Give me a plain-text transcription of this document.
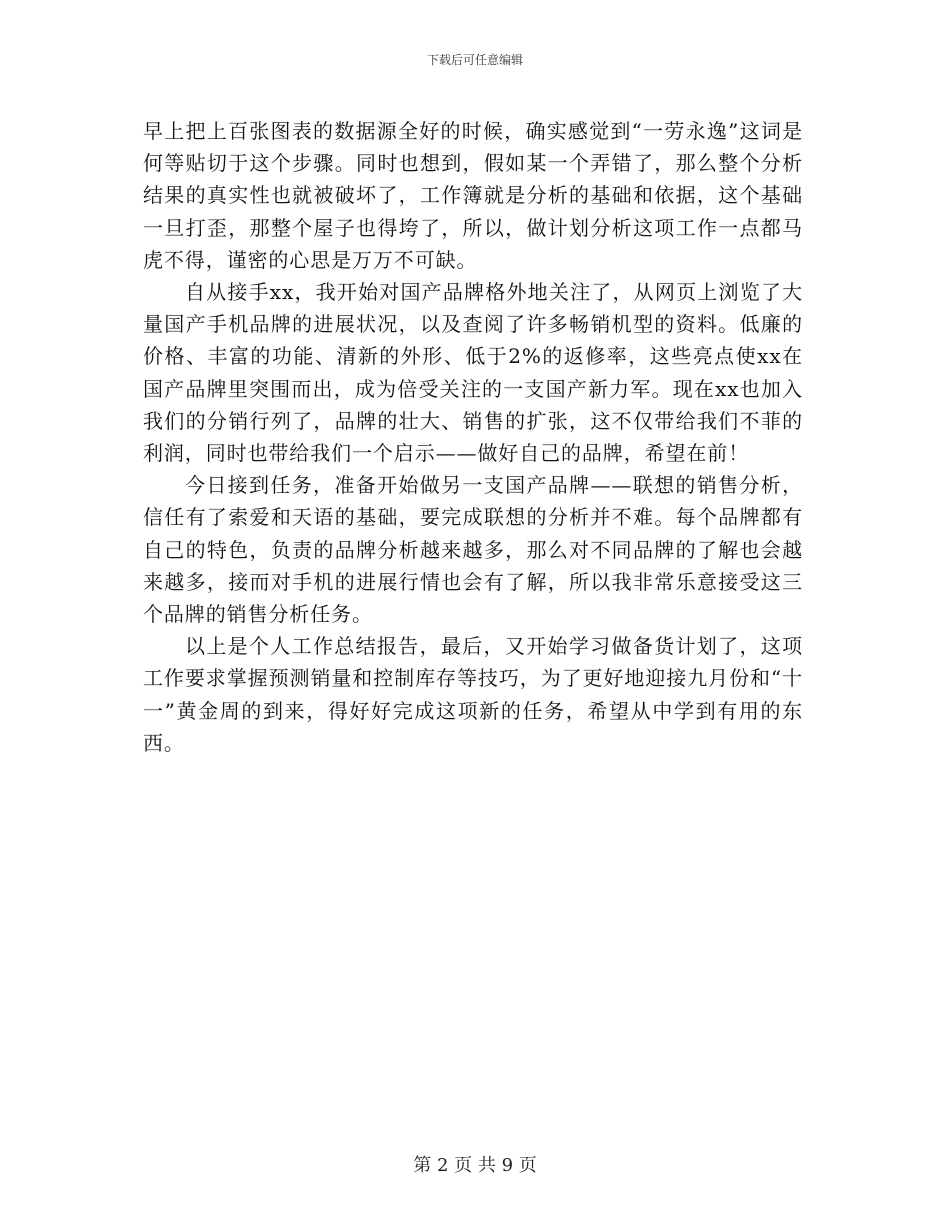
下载后可任意编辑

早上把上百张图表的数据源全好的时候，确实感觉到“一劳永逸”这词是何等贴切于这个步骤。同时也想到，假如某一个弄错了，那么整个分析结果的真实性也就被破坏了，工作簿就是分析的基础和依据，这个基础一旦打歪，那整个屋子也得垮了，所以，做计划分析这项工作一点都马虎不得，谨密的心思是万万不可缺。

自从接手xx，我开始对国产品牌格外地关注了，从网页上浏览了大量国产手机品牌的进展状况，以及查阅了许多畅销机型的资料。低廉的价格、丰富的功能、清新的外形、低于2%的返修率，这些亮点使xx在国产品牌里突围而出，成为倍受关注的一支国产新力军。现在xx也加入我们的分销行列了，品牌的壮大、销售的扩张，这不仅带给我们不菲的利润，同时也带给我们一个启示——做好自己的品牌，希望在前！

今日接到任务，准备开始做另一支国产品牌——联想的销售分析，信任有了索爱和天语的基础，要完成联想的分析并不难。每个品牌都有自己的特色，负责的品牌分析越来越多，那么对不同品牌的了解也会越来越多，接而对手机的进展行情也会有了解，所以我非常乐意接受这三个品牌的销售分析任务。

以上是个人工作总结报告，最后，又开始学习做备货计划了，这项工作要求掌握预测销量和控制库存等技巧，为了更好地迎接九月份和“十一”黄金周的到来，得好好完成这项新的任务，希望从中学到有用的东西。

第 2 页 共 9 页
